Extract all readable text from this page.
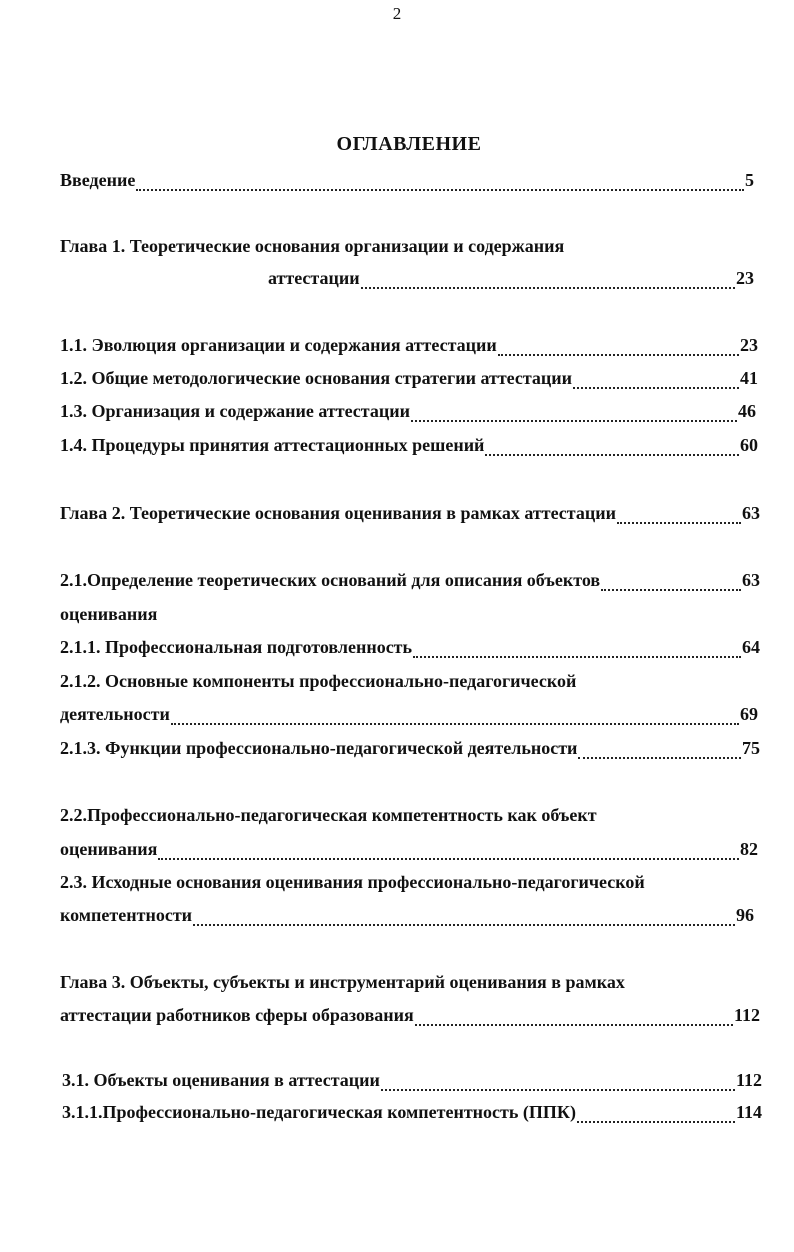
2
ОГЛАВЛЕНИЕ
Введение	5
Глава 1. Теоретические основания организации и содержания
аттестации	23
1.1. Эволюция организации и содержания аттестации	23
1.2. Общие методологические основания стратегии аттестации	41
1.3. Организация и содержание аттестации	46
1.4. Процедуры принятия аттестационных решений	60
Глава 2. Теоретические основания оценивания в рамках аттестации	63
2.1.Определение теоретических оснований для описания объектов	63
оценивания
2.1.1. Профессиональная подготовленность	64
2.1.2. Основные компоненты профессионально-педагогической
деятельности	69
2.1.3. Функции профессионально-педагогической деятельности	75
2.2.Профессионально-педагогическая компетентность как объект
оценивания	82
2.3. Исходные основания оценивания профессионально-педагогической
компетентности	96
Глава 3. Объекты, субъекты и инструментарий оценивания в рамках
аттестации работников сферы образования	112
3.1. Объекты оценивания в аттестации	112
3.1.1.Профессионально-педагогическая компетентность (ППК)	114
